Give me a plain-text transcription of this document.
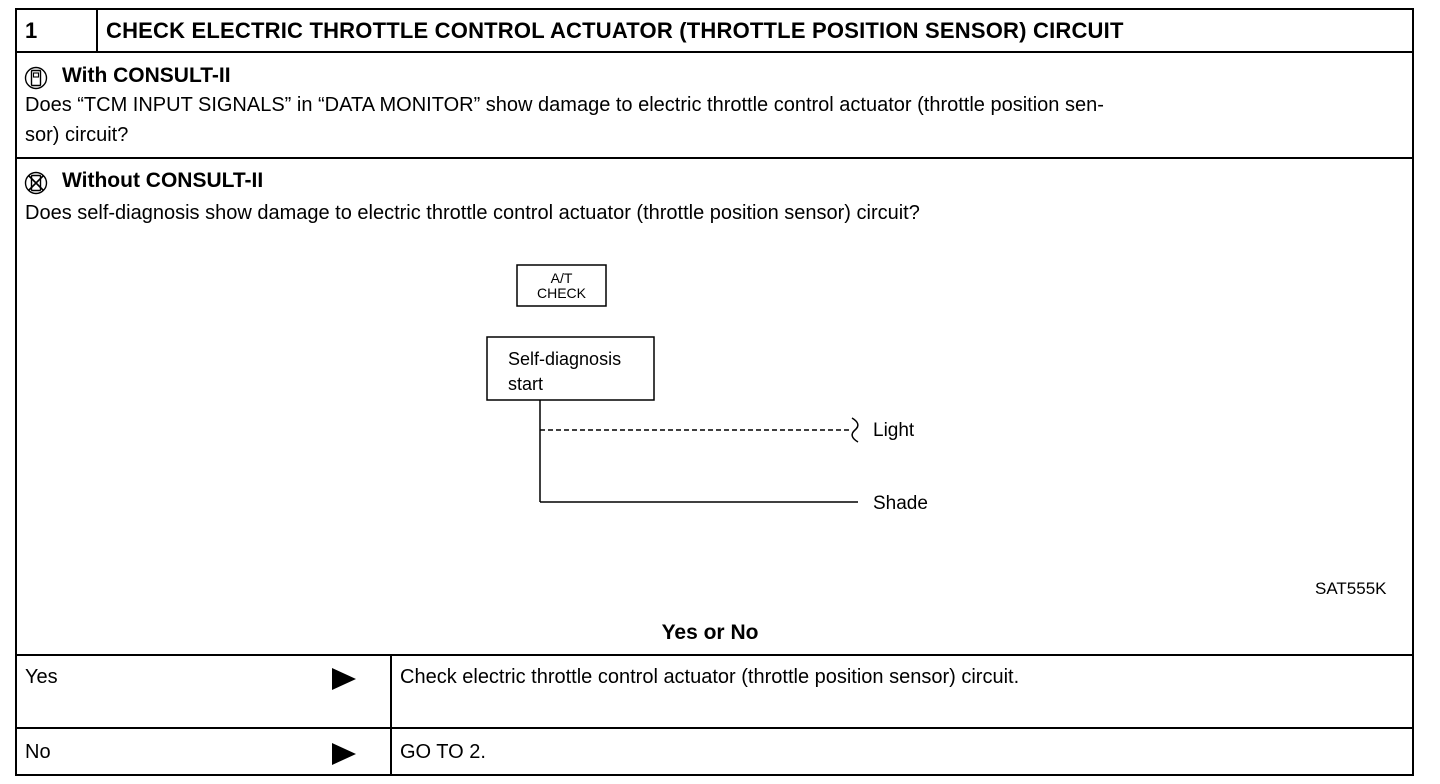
1	CHECK ELECTRIC THROTTLE CONTROL ACTUATOR (THROTTLE POSITION SENSOR) CIRCUIT
With CONSULT-II
Does “TCM INPUT SIGNALS” in “DATA MONITOR” show damage to electric throttle control actuator (throttle position sen-
sor) circuit?
Without CONSULT-II
Does self-diagnosis show damage to electric throttle control actuator (throttle position sensor) circuit?
A/T
CHECK
Self-diagnosis
start
Light
Shade
SAT555K
Yes or No
Yes	Check electric throttle control actuator (throttle position sensor) circuit.
No	GO TO 2.
